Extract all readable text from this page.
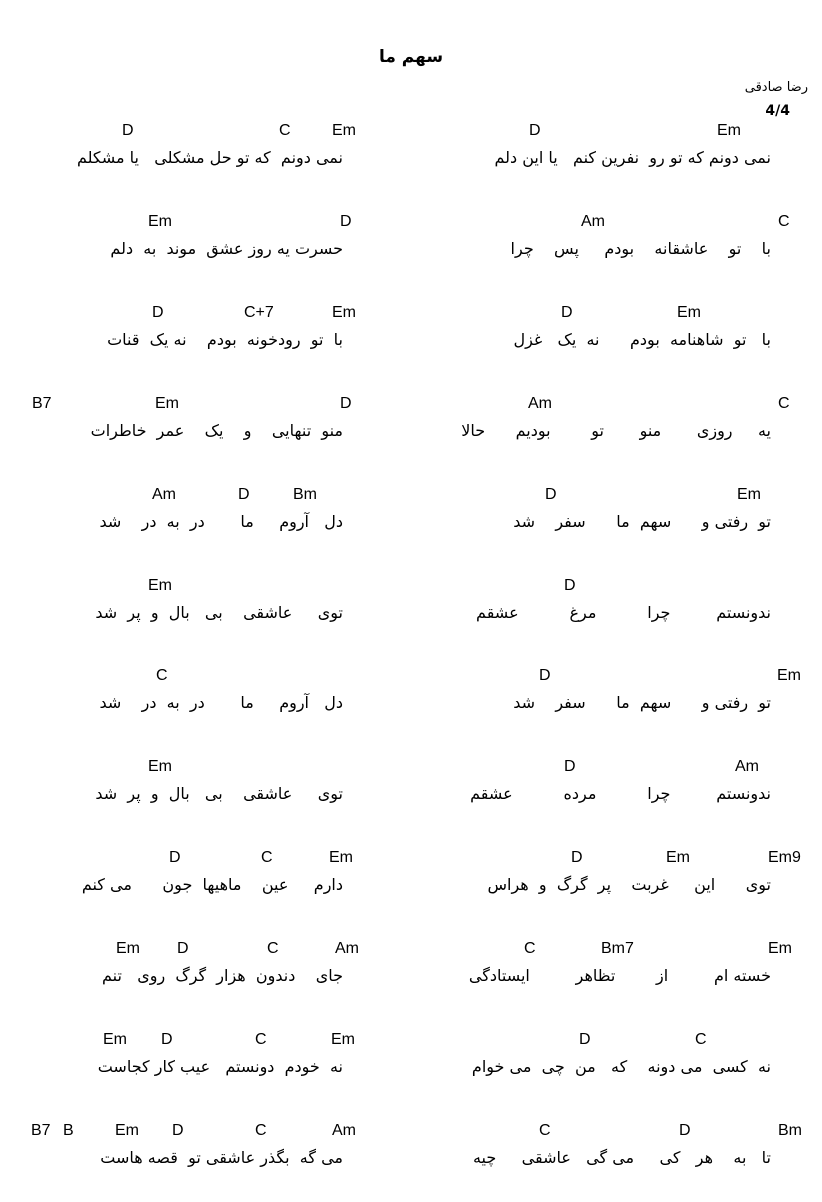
سهم ما
رضا صادقی
4/4
D	Em
نمی دونم که تو رو  نفرین کنم   یا این دلم
Am	C
با    تو    عاشقانه    بودم     پس    چرا
D	Em
با   تو  شاهنامه  بودم      نه  یک   غزل
Am	C
یه     روزی       منو       تو        بودیم      حالا
D	Em
تو  رفتی و      سهم  ما      سفر    شد
D
ندونستم         چرا          مرغ          عشقم
D	Em
تو  رفتی و      سهم  ما      سفر    شد
D	Am
ندونستم         چرا          مرده          عشقم
D	Em	Em9
توی      این     غربت    پر  گرگ  و  هراس
C	Bm7	Em
خسته ام         از        تظاهر         ایستادگی
D	C
نه  کسی  می دونه    که   من  چی  می خوام
C	D	Bm
تا   به    هر   کی     می گی   عاشقی     چیه
D	C	Em
نمی دونم  که تو حل مشکلی   یا مشکلم
Em	D
حسرت یه روز عشق  موند  به  دلم
D	C+7	Em
با  تو  رودخونه  بودم    نه یک  قنات
B7	Em	D
منو  تنهایی    و    یک    عمر  خاطرات
Am	D	Bm
دل   آروم     ما       در  به  در    شد
Em
توی     عاشقی    بی   بال  و  پر  شد
C
دل   آروم     ما       در  به  در    شد
Em
توی     عاشقی    بی   بال  و  پر  شد
D	C	Em
دارم     عین    ماهیها  جون      می کنم
Em D	C	Am
جای    دندون  هزار  گرگ  روی   تنم
Em D	C	Em
نه  خودم  دونستم   عیب کار کجاست
B7 B	Em D	C	Am
می گه  بگذر عاشقی تو  قصه هاست
